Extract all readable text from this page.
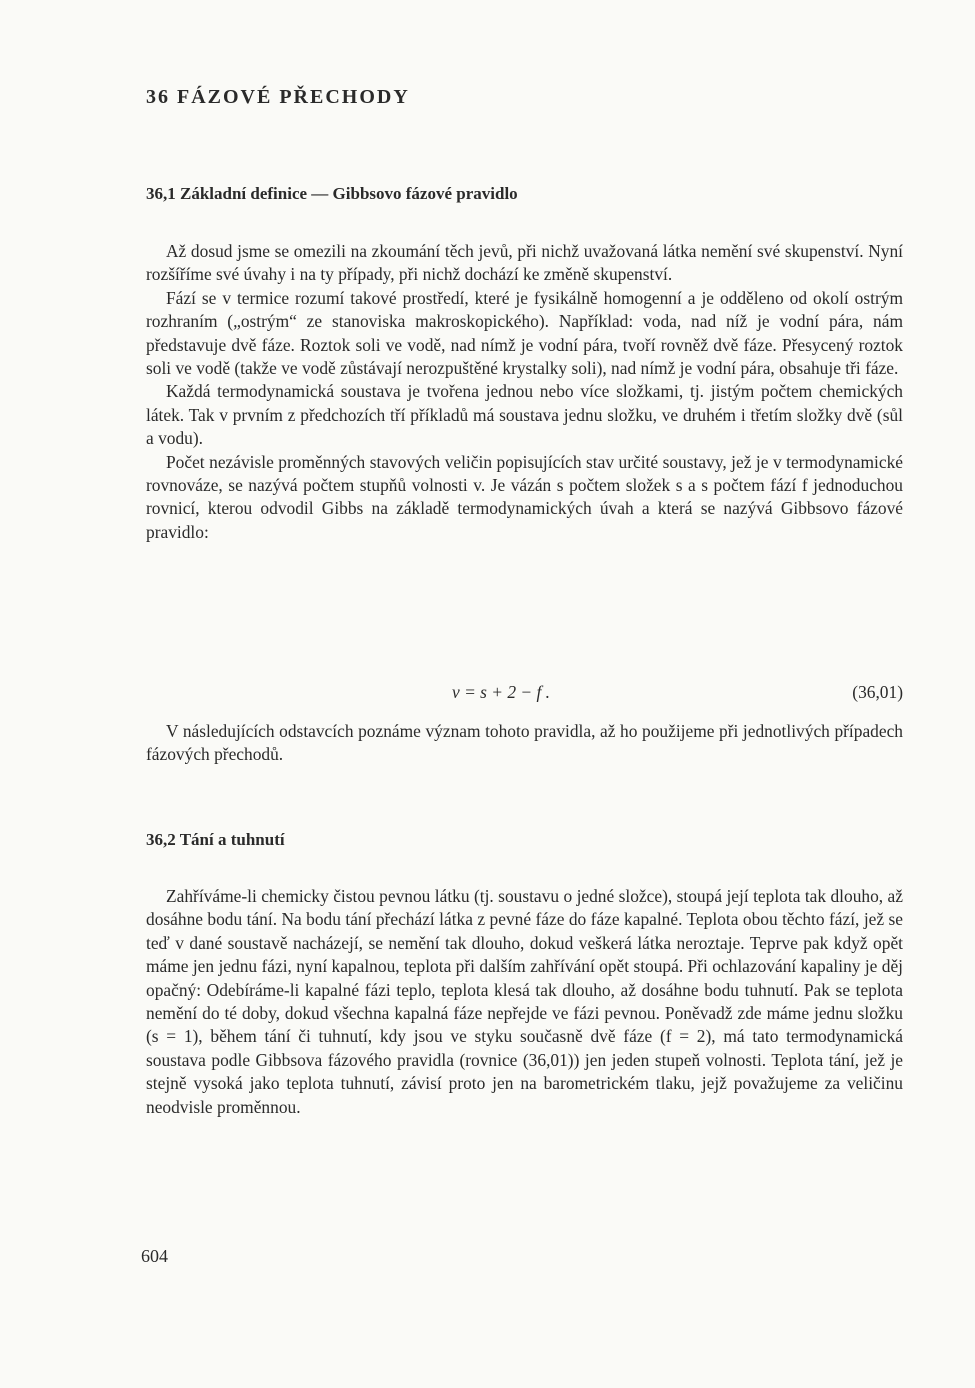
36 FÁZOVÉ PŘECHODY
36,1 Základní definice — Gibbsovo fázové pravidlo

Až dosud jsme se omezili na zkoumání těch jevů, při nichž uvažovaná látka nemění své skupenství. Nyní rozšíříme své úvahy i na ty případy, při nichž dochází ke změně skupenství.

Fází se v termice rozumí takové prostředí, které je fysikálně homogenní a je odděleno od okolí ostrým rozhraním („ostrým“ ze stanoviska makroskopického). Například: voda, nad níž je vodní pára, nám představuje dvě fáze. Roztok soli ve vodě, nad nímž je vodní pára, tvoří rovněž dvě fáze. Přesycený roztok soli ve vodě (takže ve vodě zůstávají nerozpuštěné krystalky soli), nad nímž je vodní pára, obsahuje tři fáze.

Každá termodynamická soustava je tvořena jednou nebo více složkami, tj. jistým počtem chemických látek. Tak v prvním z předchozích tří příkladů má soustava jednu složku, ve druhém i třetím složky dvě (sůl a vodu).

Počet nezávisle proměnných stavových veličin popisujících stav určité soustavy, jež je v termodynamické rovnováze, se nazývá počtem stupňů volnosti v. Je vázán s počtem složek s a s počtem fází f jednoduchou rovnicí, kterou odvodil Gibbs na základě termodynamických úvah a která se nazývá Gibbsovo fázové pravidlo:

v = s + 2 − f .	(36,01)

V následujících odstavcích poznáme význam tohoto pravidla, až ho použijeme při jednotlivých případech fázových přechodů.

36,2 Tání a tuhnutí

Zahříváme-li chemicky čistou pevnou látku (tj. soustavu o jedné složce), stoupá její teplota tak dlouho, až dosáhne bodu tání. Na bodu tání přechází látka z pevné fáze do fáze kapalné. Teplota obou těchto fází, jež se teď v dané soustavě nacházejí, se nemění tak dlouho, dokud veškerá látka neroztaje. Teprve pak když opět máme jen jednu fázi, nyní kapalnou, teplota při dalším zahřívání opět stoupá. Při ochlazování kapaliny je děj opačný: Odebíráme-li kapalné fázi teplo, teplota klesá tak dlouho, až dosáhne bodu tuhnutí. Pak se teplota nemění do té doby, dokud všechna kapalná fáze nepřejde ve fázi pevnou. Poněvadž zde máme jednu složku (s = 1), během tání či tuhnutí, kdy jsou ve styku současně dvě fáze (f = 2), má tato termodynamická soustava podle Gibbsova fázového pravidla (rovnice (36,01)) jen jeden stupeň volnosti. Teplota tání, jež je stejně vysoká jako teplota tuhnutí, závisí proto jen na barometrickém tlaku, jejž považujeme za veličinu neodvisle proměnnou.

604
